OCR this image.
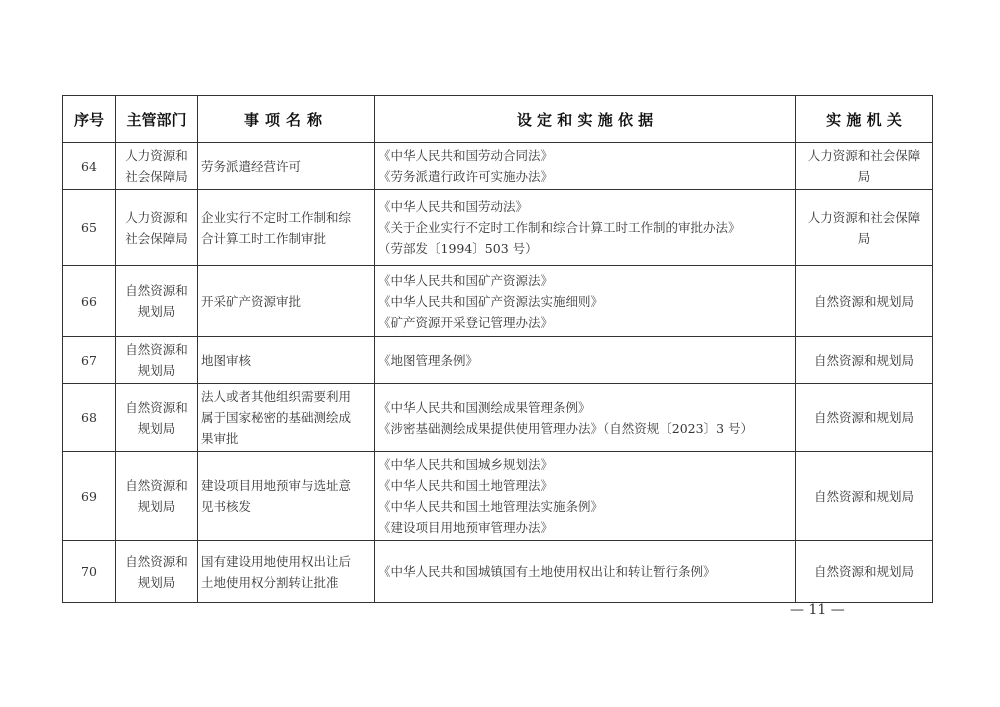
序号	主管部门	事项名称	设 定 和 实 施 依 据	实 施 机 关
64	人力资源和
社会保障局	劳务派遣经营许可	《中华人民共和国劳动合同法》
《劳务派遣行政许可实施办法》	人力资源和社会保障
局

65	人力资源和
社会保障局	企业实行不定时工作制和综
合计算工时工作制审批	《中华人民共和国劳动法》
《关于企业实行不定时工作制和综合计算工时工作制的审批办法》
（劳部发〔1994〕503 号）	人力资源和社会保障
局

66	自然资源和
规划局	开采矿产资源审批	《中华人民共和国矿产资源法》
《中华人民共和国矿产资源法实施细则》
《矿产资源开采登记管理办法》	自然资源和规划局

67	自然资源和
规划局	地图审核	《地图管理条例》	自然资源和规划局

68	自然资源和
规划局	法人或者其他组织需要利用
属于国家秘密的基础测绘成
果审批	《中华人民共和国测绘成果管理条例》
《涉密基础测绘成果提供使用管理办法》（自然资规〔2023〕3 号）	自然资源和规划局

69	自然资源和
规划局	建设项目用地预审与选址意
见书核发	《中华人民共和国城乡规划法》
《中华人民共和国土地管理法》
《中华人民共和国土地管理法实施条例》
《建设项目用地预审管理办法》	自然资源和规划局

70	自然资源和
规划局	国有建设用地使用权出让后
土地使用权分割转让批准	《中华人民共和国城镇国有土地使用权出让和转让暂行条例》	自然资源和规划局
— 11 —
